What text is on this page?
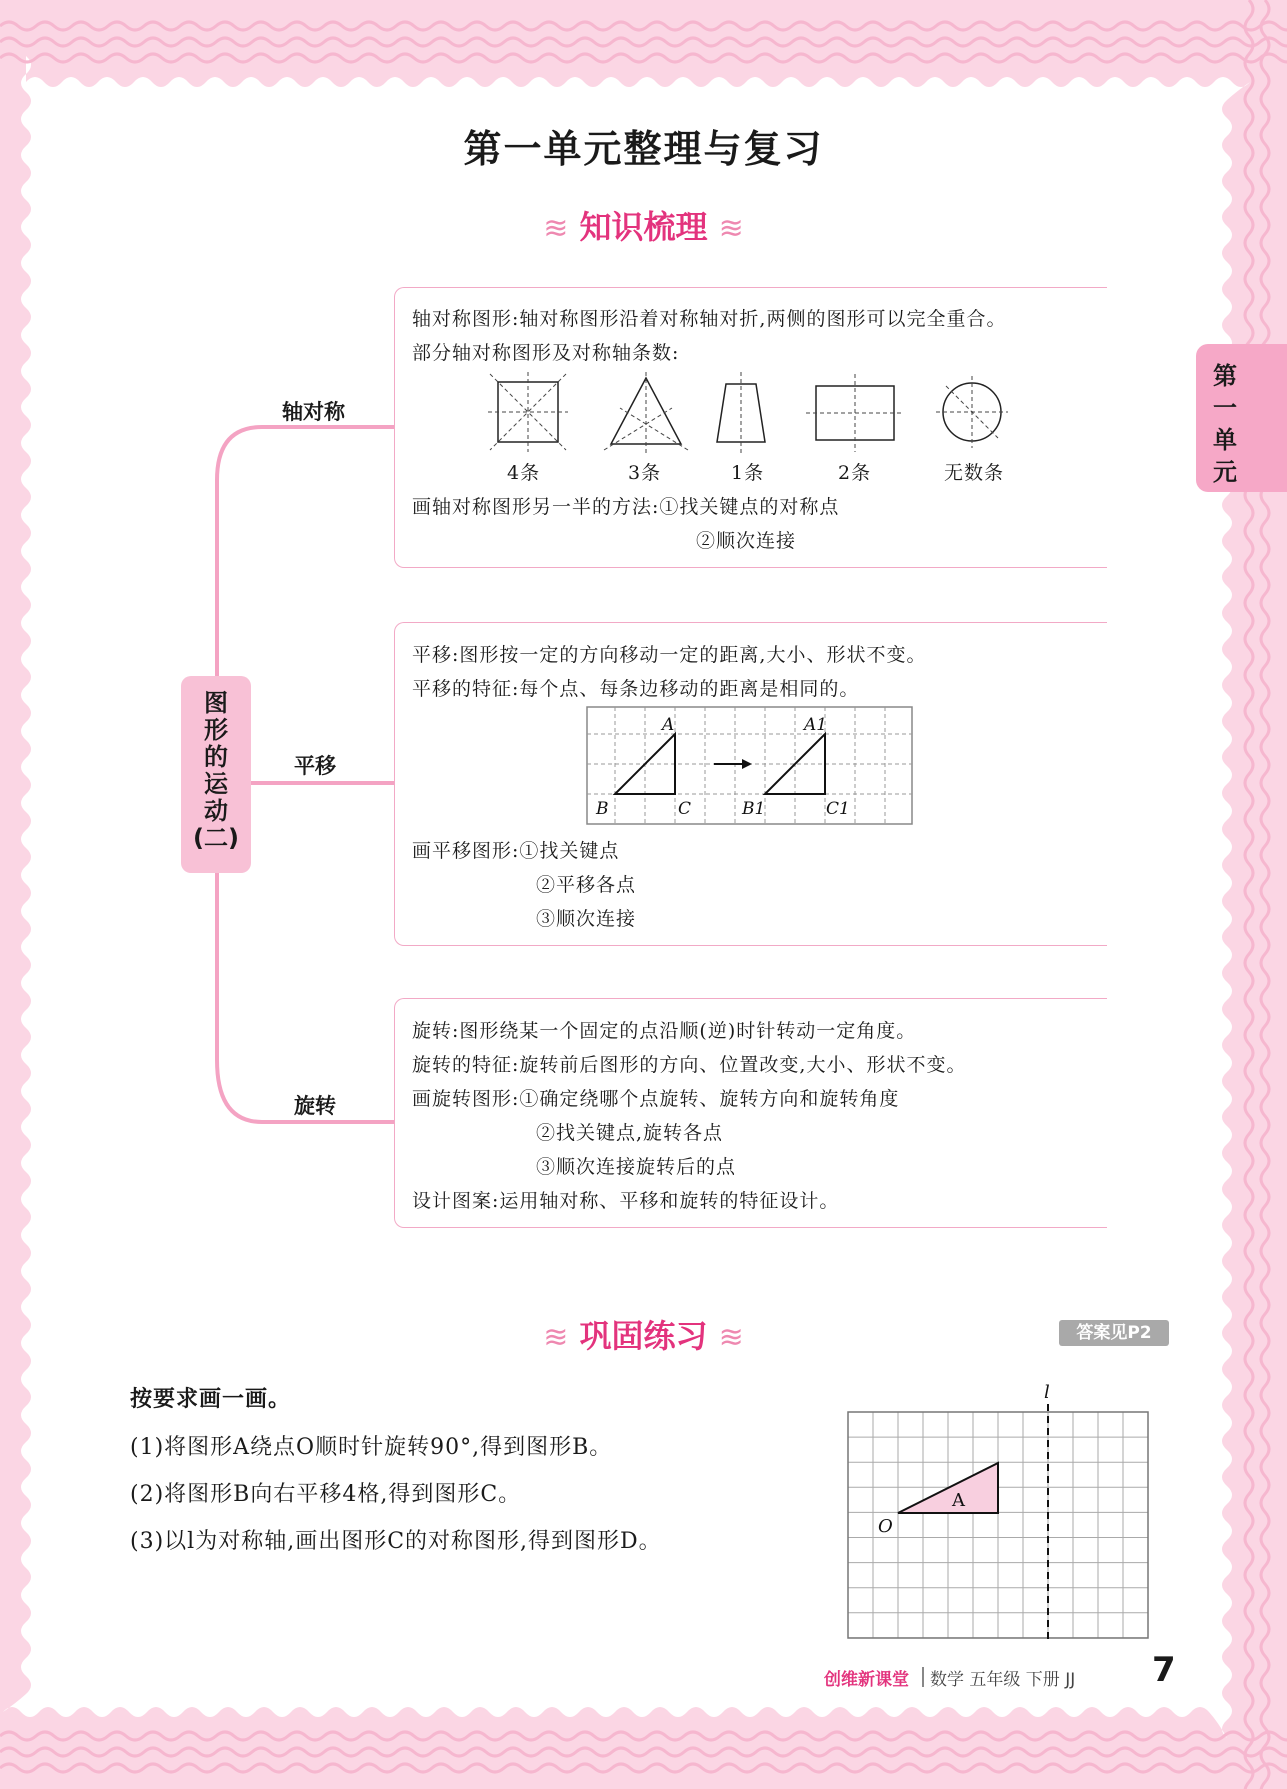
第一单元
第一单元整理与复习
≋ 知识梳理 ≋
图形的运动
(二)
轴对称
平移
旋转
轴对称图形:轴对称图形沿着对称轴对折,两侧的图形可以完全重合。
部分轴对称图形及对称轴条数:
4条	3条	1条	2条	无数条
画轴对称图形另一半的方法:①找关键点的对称点
②顺次连接
平移:图形按一定的方向移动一定的距离,大小、形状不变。
平移的特征:每个点、每条边移动的距离是相同的。
A
B	C
A1
B1	C1
画平移图形:①找关键点
②平移各点
③顺次连接
旋转:图形绕某一个固定的点沿顺(逆)时针转动一定角度。
旋转的特征:旋转前后图形的方向、位置改变,大小、形状不变。
画旋转图形:①确定绕哪个点旋转、旋转方向和旋转角度
②找关键点,旋转各点
③顺次连接旋转后的点
设计图案:运用轴对称、平移和旋转的特征设计。
≋ 巩固练习 ≋	答案见P2
按要求画一画。
(1)将图形A绕点O顺时针旋转90°,得到图形B。
(2)将图形B向右平移4格,得到图形C。
(3)以l为对称轴,画出图形C的对称图形,得到图形D。
l
O
A
创维新课堂 数学 五年级 下册 JJ 7
